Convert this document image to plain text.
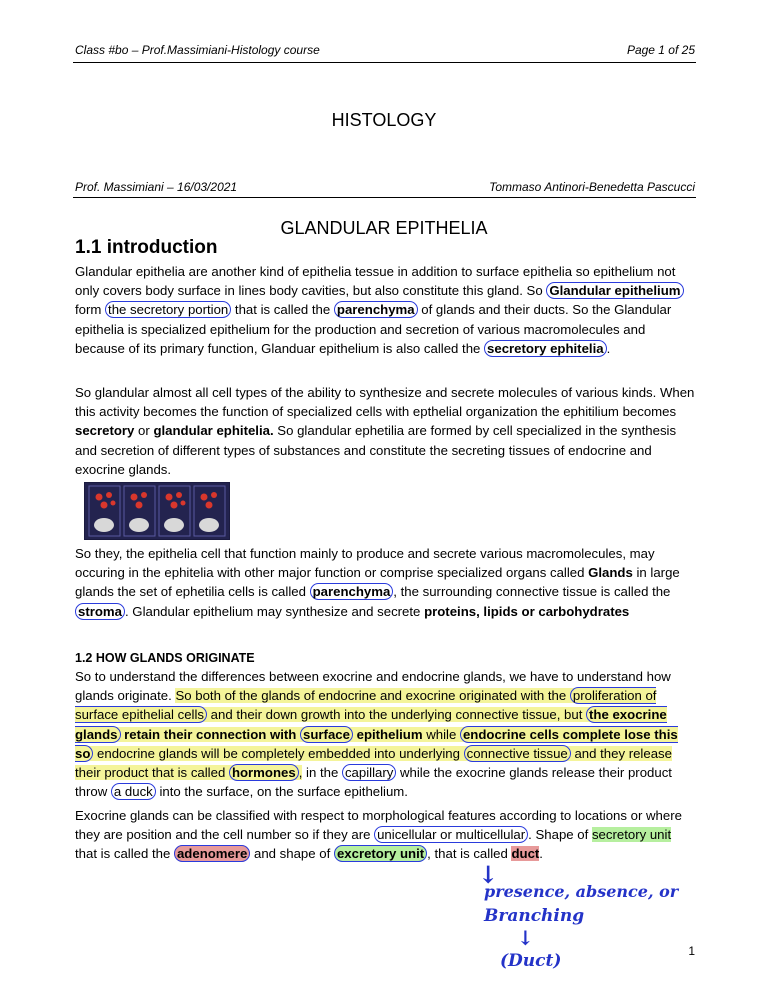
Class #bo – Prof.Massimiani-Histology course	Page 1 of 25
HISTOLOGY
Prof. Massimiani – 16/03/2021	Tommaso Antinori-Benedetta Pascucci
GLANDULAR EPITHELIA
1.1 introduction

Glandular epithelia are another kind of epithelia tessue in addition to surface epithelia so epithelium not only covers body surface in lines body cavities, but also constitute this gland. So Glandular epithelium form the secretory portion that is called the parenchyma of glands and their ducts. So the Glandular epithelia is specialized epithelium for the production and secretion of various macromolecules and because of its primary function, Glanduar epithelium is also called the secretory ephitelia .

So glandular almost all cell types of the ability to synthesize and secrete molecules of various kinds. When this activity becomes the function of specialized cells with epthelial organization the ephitilium becomes secretory or glandular ephitelia. So glandular ephetilia are formed by cell specialized in the synthesis and secretion of different types of substances and constitute the secreting tissues of endocrine and exocrine glands.

So they, the epithelia cell that function mainly to produce and secrete various macromolecules, may occuring in the ephitelia with other major function or comprise specialized organs called Glands in large glands the set of ephetilia cells is called parenchyma , the surrounding connective tissue is called the stroma . Glandular epithelium may synthesize and secrete proteins, lipids or carbohydrates

1.2 HOW GLANDS ORIGINATE

So to understand the differences between exocrine and endocrine glands, we have to understand how glands originate. So both of the glands of endocrine and exocrine originated with the proliferation of surface epithelial cells and their down growth into the underlying connective tissue, but the exocrine glands retain their connection with surface epithelium while endocrine cells complete lose this so endocrine glands will be completely embedded into underlying connective tissue and they release their product that is called hormones , in the capillary while the exocrine glands release their product throw a duck into the surface, on the surface epithelium.

Exocrine glands can be classified with respect to morphological features according to locations or where they are position and the cell number so if they are unicellular or multicellular . Shape of secretory unit that is called the adenomere and shape of excretory unit , that is called duct.

↓
presence, absence, or
Branching
↓
(Duct)	1
